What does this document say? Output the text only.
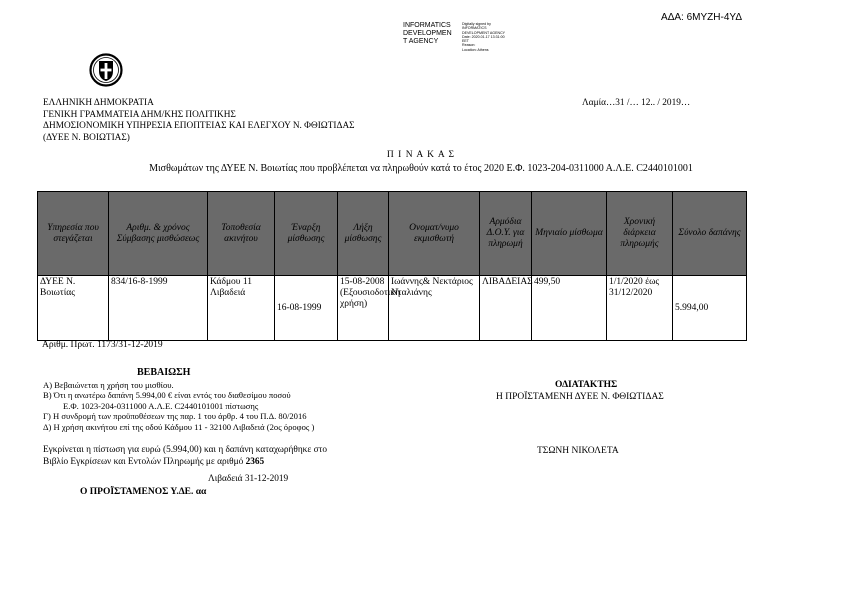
ΑΔΑ: 6ΜΥΖΗ-4ΥΔ
INFORMATICS
DEVELOPMEN
T AGENCY
Digitally signed by
INFORMATICS
DEVELOPMENT AGENCY
Date: 2020.01.17 13:31:00
EET
Reason:
Location: Athens
ΕΛΛΗΝΙΚΗ ΔΗΜΟΚΡΑΤΙΑ
ΓΕΝΙΚΗ ΓΡΑΜΜΑΤΕΙΑ ΔΗΜ/ΚΗΣ ΠΟΛΙΤΙΚΗΣ
ΔΗΜΟΣΙΟΝΟΜΙΚΗ ΥΠΗΡΕΣΙΑ ΕΠΟΠΤΕΙΑΣ ΚΑΙ ΕΛΕΓΧΟΥ Ν. ΦΘΙΩΤΙΔΑΣ
(ΔΥΕΕ Ν. ΒΟΙΩΤΙΑΣ)
Λαμία…31 /… 12.. / 2019…
Π Ι Ν Α Κ Α Σ
Μισθωμάτων της ΔΥΕΕ Ν. Βοιωτίας που προβλέπεται να πληρωθούν κατά το έτος 2020 Ε.Φ. 1023-204-0311000 Α.Λ.Ε. C2440101001
Υπηρεσία που στεγάζεται	Αριθμ. & χρόνος Σύμβασης μισθώσεως	Τοποθεσία ακινήτου	Έναρξη μίσθωσης	Λήξη μίσθωσης	Ονοματ/νυμο εκμισθωτή	Αρμόδια Δ.Ο.Υ. για πληρωμή	Μηνιαίο μίσθωμα	Χρονική διάρκεια πληρωμής	Σύνολο δαπάνης
ΔΥΕΕ Ν. Βοιωτίας	834/16-8-1999	Κάδμου 11 Λιβαδειά	16-08-1999	15-08-2008 (Εξουσιοδοτική χρήση)	Ιωάννης& Νεκτάριος Νταλιάνης	ΛΙΒΑΔΕΙΑΣ	499,50	1/1/2020 έως 31/12/2020	5.994,00
Αριθμ. Πρωτ. 1173/31-12-2019
ΒΕΒΑΙΩΣΗ
Α) Βεβαιώνεται η χρήση του μισθίου.
Β) Ότι η ανωτέρω δαπάνη 5.994,00 € είναι εντός του διαθεσίμου ποσού
Ε.Φ. 1023-204-0311000 Α.Λ.Ε. C2440101001 πίστωσης
Γ) Η συνδρομή των προϋποθέσεων της παρ. 1 του άρθρ. 4 του Π.Δ. 80/2016
Δ) Η χρήση ακινήτου επί της οδού Κάδμου 11 - 32100 Λιβαδειά (2ος όροφος )
Εγκρίνεται η πίστωση για ευρώ (5.994,00) και η δαπάνη καταχωρήθηκε στο
Βιβλίο Εγκρίσεων και Εντολών Πληρωμής με αριθμό 2365
Λιβαδειά 31-12-2019
Ο ΠΡΟΪΣΤΑΜΕΝΟΣ Υ.ΔΕ. αα
ΟΔΙΑΤΑΚΤΗΣ
Η ΠΡΟΪΣΤΑΜΕΝΗ ΔΥΕΕ Ν. ΦΘΙΩΤΙΔΑΣ
ΤΣΩΝΗ ΝΙΚΟΛΕΤΑ
